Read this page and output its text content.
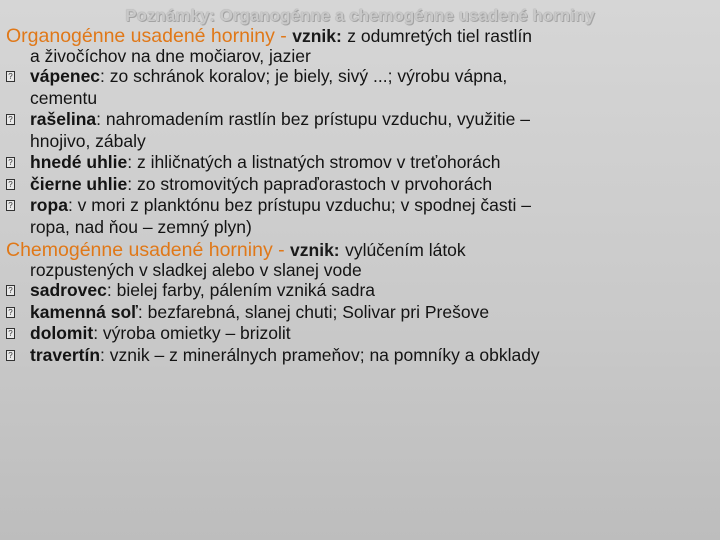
Poznámky: Organogénne a chemogénne usadené horniny

Organogénne usadené horniny - vznik: z odumretých tiel rastlín

a živočíchov na dne močiarov, jazier
? vápenec: zo schránok koralov; je biely, sivý ...; výrobu vápna,
cementu
? rašelina: nahromadením rastlín bez prístupu vzduchu, využitie –
hnojivo, zábaly
? hnedé uhlie: z ihličnatých a listnatých stromov v treťohorách
? čierne uhlie: zo stromovitých papraďorastoch v prvohorách
? ropa: v mori z planktónu bez prístupu vzduchu; v spodnej časti –
ropa, nad ňou – zemný plyn)

Chemogénne usadené horniny - vznik: vylúčením látok

rozpustených v sladkej alebo v slanej vode
? sadrovec: bielej farby, pálením vzniká sadra
? kamenná soľ: bezfarebná, slanej chuti; Solivar pri Prešove
? dolomit: výroba omietky – brizolit
? travertín: vznik – z minerálnych prameňov; na pomníky a obklady
